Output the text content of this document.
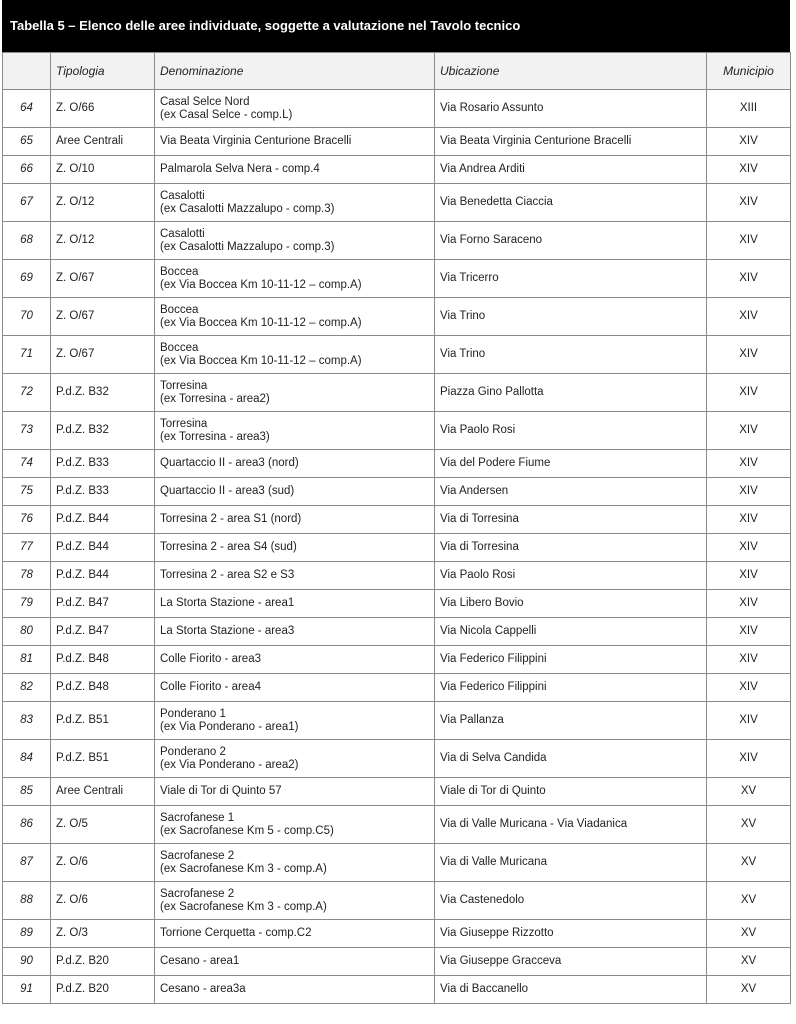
Tabella 5 – Elenco delle aree individuate, soggette a valutazione nel Tavolo tecnico
	Tipologia	Denominazione	Ubicazione	Municipio
64	Z. O/66	Casal Selce Nord
(ex Casal Selce - comp.L)	Via Rosario Assunto	XIII
65	Aree Centrali	Via Beata Virginia Centurione Bracelli	Via Beata Virginia Centurione Bracelli	XIV
66	Z. O/10	Palmarola Selva Nera - comp.4	Via Andrea Arditi	XIV
67	Z. O/12	Casalotti
(ex Casalotti Mazzalupo - comp.3)	Via Benedetta Ciaccia	XIV
68	Z. O/12	Casalotti
(ex Casalotti Mazzalupo - comp.3)	Via Forno Saraceno	XIV
69	Z. O/67	Boccea
(ex Via Boccea Km 10-11-12 – comp.A)	Via Tricerro	XIV
70	Z. O/67	Boccea
(ex Via Boccea Km 10-11-12 – comp.A)	Via Trino	XIV
71	Z. O/67	Boccea
(ex Via Boccea Km 10-11-12 – comp.A)	Via Trino	XIV
72	P.d.Z. B32	Torresina
(ex Torresina - area2)	Piazza Gino Pallotta	XIV
73	P.d.Z. B32	Torresina
(ex Torresina - area3)	Via Paolo Rosi	XIV
74	P.d.Z. B33	Quartaccio II - area3 (nord)	Via del Podere Fiume	XIV
75	P.d.Z. B33	Quartaccio II - area3 (sud)	Via Andersen	XIV
76	P.d.Z. B44	Torresina 2 - area S1 (nord)	Via di Torresina	XIV
77	P.d.Z. B44	Torresina 2 - area S4 (sud)	Via di Torresina	XIV
78	P.d.Z. B44	Torresina 2 - area S2 e S3	Via Paolo Rosi	XIV
79	P.d.Z. B47	La Storta Stazione - area1	Via Libero Bovio	XIV
80	P.d.Z. B47	La Storta Stazione - area3	Via Nicola Cappelli	XIV
81	P.d.Z. B48	Colle Fiorito - area3	Via Federico Filippini	XIV
82	P.d.Z. B48	Colle Fiorito - area4	Via Federico Filippini	XIV
83	P.d.Z. B51	Ponderano 1
(ex Via Ponderano - area1)	Via Pallanza	XIV
84	P.d.Z. B51	Ponderano 2
(ex Via Ponderano - area2)	Via di Selva Candida	XIV
85	Aree Centrali	Viale di Tor di Quinto 57	Viale di Tor di Quinto	XV
86	Z. O/5	Sacrofanese 1
(ex Sacrofanese Km 5 - comp.C5)	Via di Valle Muricana - Via Viadanica	XV
87	Z. O/6	Sacrofanese 2
(ex Sacrofanese Km 3 - comp.A)	Via di Valle Muricana	XV
88	Z. O/6	Sacrofanese 2
(ex Sacrofanese Km 3 - comp.A)	Via Castenedolo	XV
89	Z. O/3	Torrione Cerquetta - comp.C2	Via Giuseppe Rizzotto	XV
90	P.d.Z. B20	Cesano - area1	Via Giuseppe Gracceva	XV
91	P.d.Z. B20	Cesano - area3a	Via di Baccanello	XV
